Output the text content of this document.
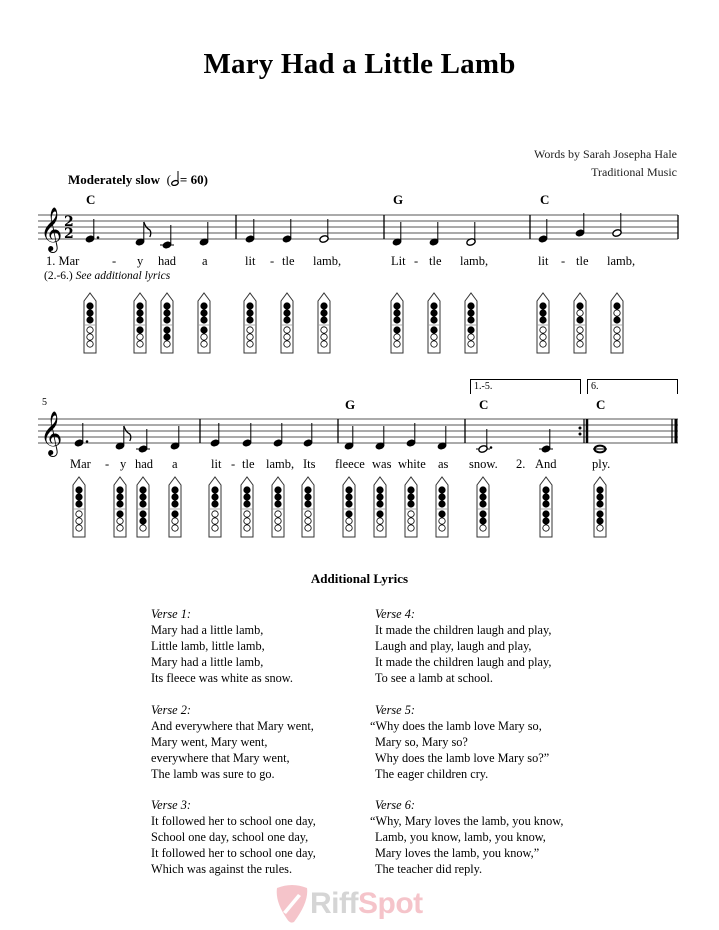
Mary Had a Little Lamb
Words by Sarah Josepha Hale
Traditional Music
Moderately slow  ( = 60)
𝄞 2
2
C	G	C
1. Mar	- y had a	lit - tle lamb,	Lit - tle lamb,	lit - tle lamb,
(2.-6.) See additional lyrics
𝄞
5	G	C	C
1.-5.	6.
Mar - y had a	lit - tle lamb, Its fleece was white as snow. 2. And	ply.
Additional Lyrics
Verse 1:
Mary had a little lamb,
Little lamb, little lamb,
Mary had a little lamb,
Its fleece was white as snow.
Verse 2:
And everywhere that Mary went,
Mary went, Mary went,
everywhere that Mary went,
The lamb was sure to go.
Verse 3:
It followed her to school one day,
School one day, school one day,
It followed her to school one day,
Which was against the rules.
Verse 4:
It made the children laugh and play,
Laugh and play, laugh and play,
It made the children laugh and play,
To see a lamb at school.
Verse 5:
“Why does the lamb love Mary so,
Mary so, Mary so?
Why does the lamb love Mary so?”
The eager children cry.
Verse 6:
“Why, Mary loves the lamb, you know,
Lamb, you know, lamb, you know,
Mary loves the lamb, you know,”
The teacher did reply.
RiffSpot
